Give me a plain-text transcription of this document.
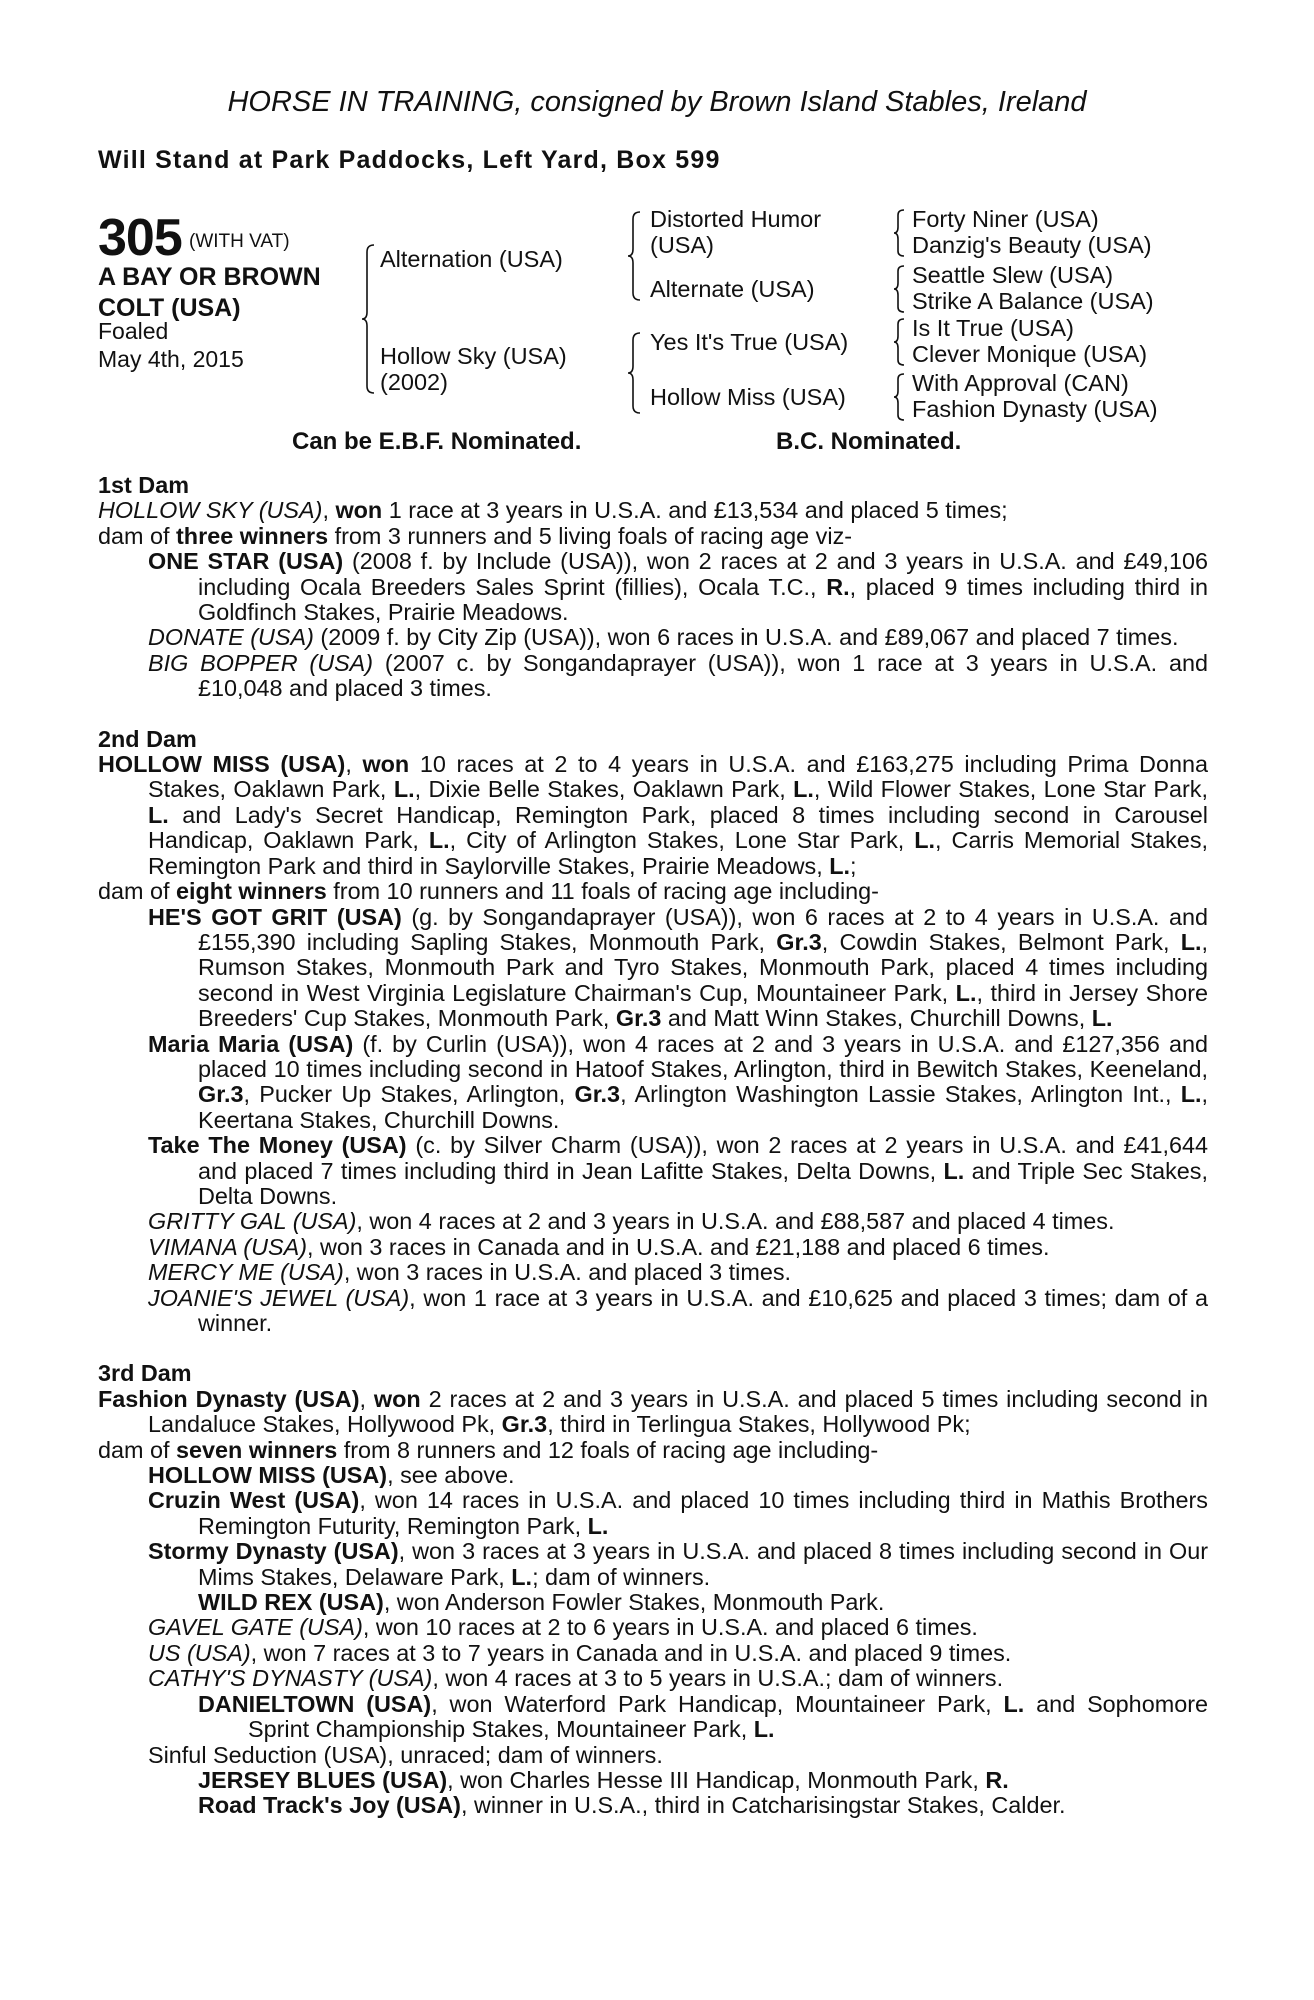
HORSE IN TRAINING, consigned by Brown Island Stables, Ireland
Will Stand at Park Paddocks, Left Yard, Box 599
305 (WITH VAT)
A BAY OR BROWN
COLT (USA)
Foaled
May 4th, 2015
Alternation (USA)
Hollow Sky (USA)
(2002)
Distorted Humor
(USA)
Alternate (USA)
Yes It's True (USA)
Hollow Miss (USA)
Forty Niner (USA)
Danzig's Beauty (USA)
Seattle Slew (USA)
Strike A Balance (USA)
Is It True (USA)
Clever Monique (USA)
With Approval (CAN)
Fashion Dynasty (USA)
Can be E.B.F. Nominated.	B.C. Nominated.
1st Dam
HOLLOW SKY (USA), won 1 race at 3 years in U.S.A. and £13,534 and placed 5 times;
dam of three winners from 3 runners and 5 living foals of racing age viz-
ONE STAR (USA) (2008 f. by Include (USA)), won 2 races at 2 and 3 years in U.S.A. and £49,106 including Ocala Breeders Sales Sprint (fillies), Ocala T.C., R., placed 9 times including third in Goldfinch Stakes, Prairie Meadows.
DONATE (USA) (2009 f. by City Zip (USA)), won 6 races in U.S.A. and £89,067 and placed 7 times.
BIG BOPPER (USA) (2007 c. by Songandaprayer (USA)), won 1 race at 3 years in U.S.A. and £10,048 and placed 3 times.
2nd Dam
HOLLOW MISS (USA), won 10 races at 2 to 4 years in U.S.A. and £163,275 including Prima Donna Stakes, Oaklawn Park, L., Dixie Belle Stakes, Oaklawn Park, L., Wild Flower Stakes, Lone Star Park, L. and Lady's Secret Handicap, Remington Park, placed 8 times including second in Carousel Handicap, Oaklawn Park, L., City of Arlington Stakes, Lone Star Park, L., Carris Memorial Stakes, Remington Park and third in Saylorville Stakes, Prairie Meadows, L.;
dam of eight winners from 10 runners and 11 foals of racing age including-
HE'S GOT GRIT (USA) (g. by Songandaprayer (USA)), won 6 races at 2 to 4 years in U.S.A. and £155,390 including Sapling Stakes, Monmouth Park, Gr.3, Cowdin Stakes, Belmont Park, L., Rumson Stakes, Monmouth Park and Tyro Stakes, Monmouth Park, placed 4 times including second in West Virginia Legislature Chairman's Cup, Mountaineer Park, L., third in Jersey Shore Breeders' Cup Stakes, Monmouth Park, Gr.3 and Matt Winn Stakes, Churchill Downs, L.
Maria Maria (USA) (f. by Curlin (USA)), won 4 races at 2 and 3 years in U.S.A. and £127,356 and placed 10 times including second in Hatoof Stakes, Arlington, third in Bewitch Stakes, Keeneland, Gr.3, Pucker Up Stakes, Arlington, Gr.3, Arlington Washington Lassie Stakes, Arlington Int., L., Keertana Stakes, Churchill Downs.
Take The Money (USA) (c. by Silver Charm (USA)), won 2 races at 2 years in U.S.A. and £41,644 and placed 7 times including third in Jean Lafitte Stakes, Delta Downs, L. and Triple Sec Stakes, Delta Downs.
GRITTY GAL (USA), won 4 races at 2 and 3 years in U.S.A. and £88,587 and placed 4 times.
VIMANA (USA), won 3 races in Canada and in U.S.A. and £21,188 and placed 6 times.
MERCY ME (USA), won 3 races in U.S.A. and placed 3 times.
JOANIE'S JEWEL (USA), won 1 race at 3 years in U.S.A. and £10,625 and placed 3 times; dam of a winner.
3rd Dam
Fashion Dynasty (USA), won 2 races at 2 and 3 years in U.S.A. and placed 5 times including second in Landaluce Stakes, Hollywood Pk, Gr.3, third in Terlingua Stakes, Hollywood Pk;
dam of seven winners from 8 runners and 12 foals of racing age including-
HOLLOW MISS (USA), see above.
Cruzin West (USA), won 14 races in U.S.A. and placed 10 times including third in Mathis Brothers Remington Futurity, Remington Park, L.
Stormy Dynasty (USA), won 3 races at 3 years in U.S.A. and placed 8 times including second in Our Mims Stakes, Delaware Park, L.; dam of winners.
WILD REX (USA), won Anderson Fowler Stakes, Monmouth Park.
GAVEL GATE (USA), won 10 races at 2 to 6 years in U.S.A. and placed 6 times.
US (USA), won 7 races at 3 to 7 years in Canada and in U.S.A. and placed 9 times.
CATHY'S DYNASTY (USA), won 4 races at 3 to 5 years in U.S.A.; dam of winners.
DANIELTOWN (USA), won Waterford Park Handicap, Mountaineer Park, L. and Sophomore Sprint Championship Stakes, Mountaineer Park, L.
Sinful Seduction (USA), unraced; dam of winners.
JERSEY BLUES (USA), won Charles Hesse III Handicap, Monmouth Park, R.
Road Track's Joy (USA), winner in U.S.A., third in Catcharisingstar Stakes, Calder.
